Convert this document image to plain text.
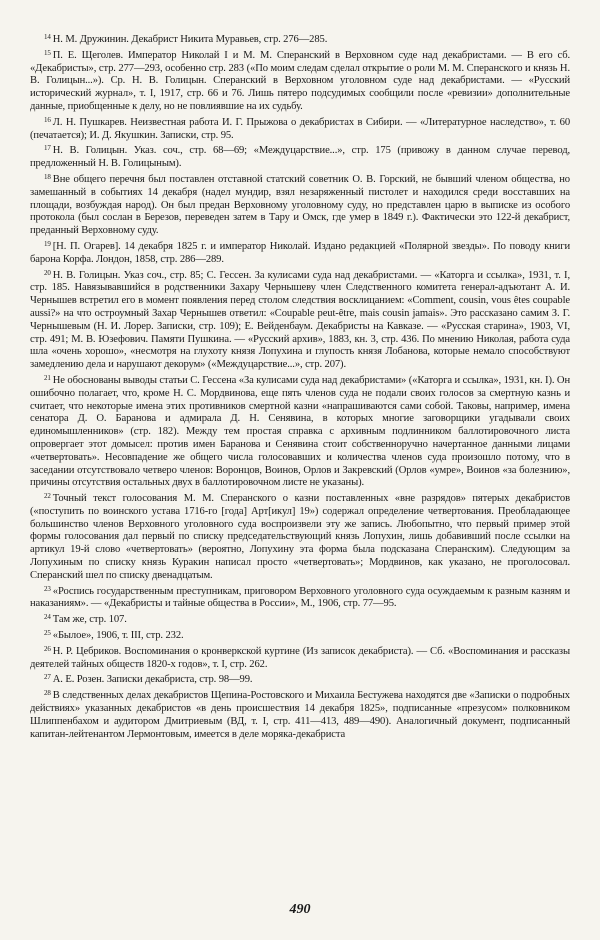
$^{14}$ Н. М. Дружинин. Декабрист Никита Муравьев, стр. 276—285.

$^{15}$ П. Е. Щеголев. Император Николай I и М. М. Сперанский в Верховном суде над декабристами. — В его сб. «Декабристы», стр. 277—293, особенно стр. 283 («По моим следам сделал открытие о роли М. М. Сперанского и князь Н. В. Голицын...»). Ср. Н. В. Голицын. Сперанский в Верховном уголовном суде над декабристами. — «Русский исторический журнал», т. I, 1917, стр. 66 и 76. Лишь пятеро подсудимых сообщили после «ревизии» дополнительные данные, приобщенные к делу, но не повлиявшие на их судьбу.

$^{16}$ Л. Н. Пушкарев. Неизвестная работа И. Г. Прыжова о декабристах в Сибири. — «Литературное наследство», т. 60 (печатается); И. Д. Якушкин. Записки, стр. 95.

$^{17}$ Н. В. Голицын. Указ. соч., стр. 68—69; «Междуцарствие...», стр. 175 (привожу в данном случае перевод, предложенный Н. В. Голицыным).

$^{18}$ Вне общего перечня был поставлен отставной статский советник О. В. Горский, не бывший членом общества, но замешанный в событиях 14 декабря (надел мундир, взял незаряженный пистолет и находился среди восставших на площади, возбуждая народ). Он был предан Верховному уголовному суду, но представлен царю в выписке из особого протокола (был сослан в Березов, переведен затем в Тару и Омск, где умер в 1849 г.). Фактически это 122-й декабрист, преданный Верховному суду.

$^{19}$ [Н. П. Огарев]. 14 декабря 1825 г. и император Николай. Издано редакцией «Полярной звезды». По поводу книги барона Корфа. Лондон, 1858, стр. 286—289.

$^{20}$ Н. В. Голицын. Указ соч., стр. 85; С. Гессен. За кулисами суда над декабристами. — «Каторга и ссылка», 1931, т. I, стр. 185. Навязывавшийся в родственники Захару Чернышеву член Следственного комитета генерал-адъютант А. И. Чернышев встретил его в момент появления перед столом следствия восклицанием: «Comment, cousin, vous êtes coupable aussi?» на что остроумный Захар Чернышев ответил: «Coupable peut-être, mais cousin jamais». Это рассказано самим З. Г. Чернышевым (Н. И. Лорер. Записки, стр. 109); Е. Вейденбаум. Декабристы на Кавказе. — «Русская старина», 1903, VI, стр. 491; М. В. Юзефович. Памяти Пушкина. — «Русский архив», 1883, кн. 3, стр. 436. По мнению Николая, работа суда шла «очень хорошо», «несмотря на глухоту князя Лопухина и глупость князя Лобанова, которые немало способствуют замедлению дела и нарушают декорум» («Междуцарствие...», стр. 207).

$^{21}$ Не обоснованы выводы статьи С. Гессена «За кулисами суда над декабристами» («Каторга и ссылка», 1931, кн. I). Он ошибочно полагает, что, кроме Н. С. Мордвинова, еще пять членов суда не подали своих голосов за смертную казнь и считает, что некоторые имена этих противников смертной казни «напрашиваются сами собой. Таковы, например, имена сенатора Д. О. Баранова и адмирала Д. Н. Сенявина, в которых многие заговорщики угадывали своих единомышленников» (стр. 182). Между тем простая справка с архивным подлинником баллотировочного листа опровергает этот домысел: против имен Баранова и Сенявина стоит собственноручно начертанное данными лицами «четвертовать». Несовпадение же общего числа голосовавших и количества членов суда произошло потому, что в заседании отсутствовало четверо членов: Воронцов, Воинов, Орлов и Закревский (Орлов «умре», Воинов «за болезнию», причины отсутствия остальных двух в баллотировочном листе не указаны).

$^{22}$ Точный текст голосования М. М. Сперанского о казни поставленных «вне разрядов» пятерых декабристов («поступить по воинского устава 1716-го [года] Арт[икул] 19») содержал определение четвертования. Преобладающее большинство членов Верховного уголовного суда воспроизвели эту же запись. Любопытно, что первый пример этой формы голосования дал первый по списку председательствующий князь Лопухин, лишь добавивший после ссылки на артикул 19-й слово «четвертовать» (вероятно, Лопухину эта форма была подсказана Сперанским). Следующим за Лопухиным по списку князь Куракин написал просто «четвертовать»; Мордвинов, как указано, не проголосовал. Сперанский шел по списку двенадцатым.

$^{23}$ «Роспись государственным преступникам, приговором Верховного уголовного суда осуждаемым к разным казням и наказаниям». — «Декабристы и тайные общества в России», М., 1906, стр. 77—95.

$^{24}$ Там же, стр. 107.

$^{25}$ «Былое», 1906, т. III, стр. 232.

$^{26}$ Н. Р. Цебриков. Воспоминания о кронверкской куртине (Из записок декабриста). — Сб. «Воспоминания и рассказы деятелей тайных обществ 1820-х годов», т. I, стр. 262.

$^{27}$ А. Е. Розен. Записки декабриста, стр. 98—99.

$^{28}$ В следственных делах декабристов Щепина-Ростовского и Михаила Бестужева находятся две «Записки о подробных действиях» указанных декабристов «в день происшествия 14 декабря 1825», подписанные «презусом» полковником Шлиппенбахом и аудитором Дмитриевым (ВД, т. I, стр. 411—413, 489—490). Аналогичный документ, подписанный капитан-лейтенантом Лермонтовым, имеется в деле моряка-декабриста

490
